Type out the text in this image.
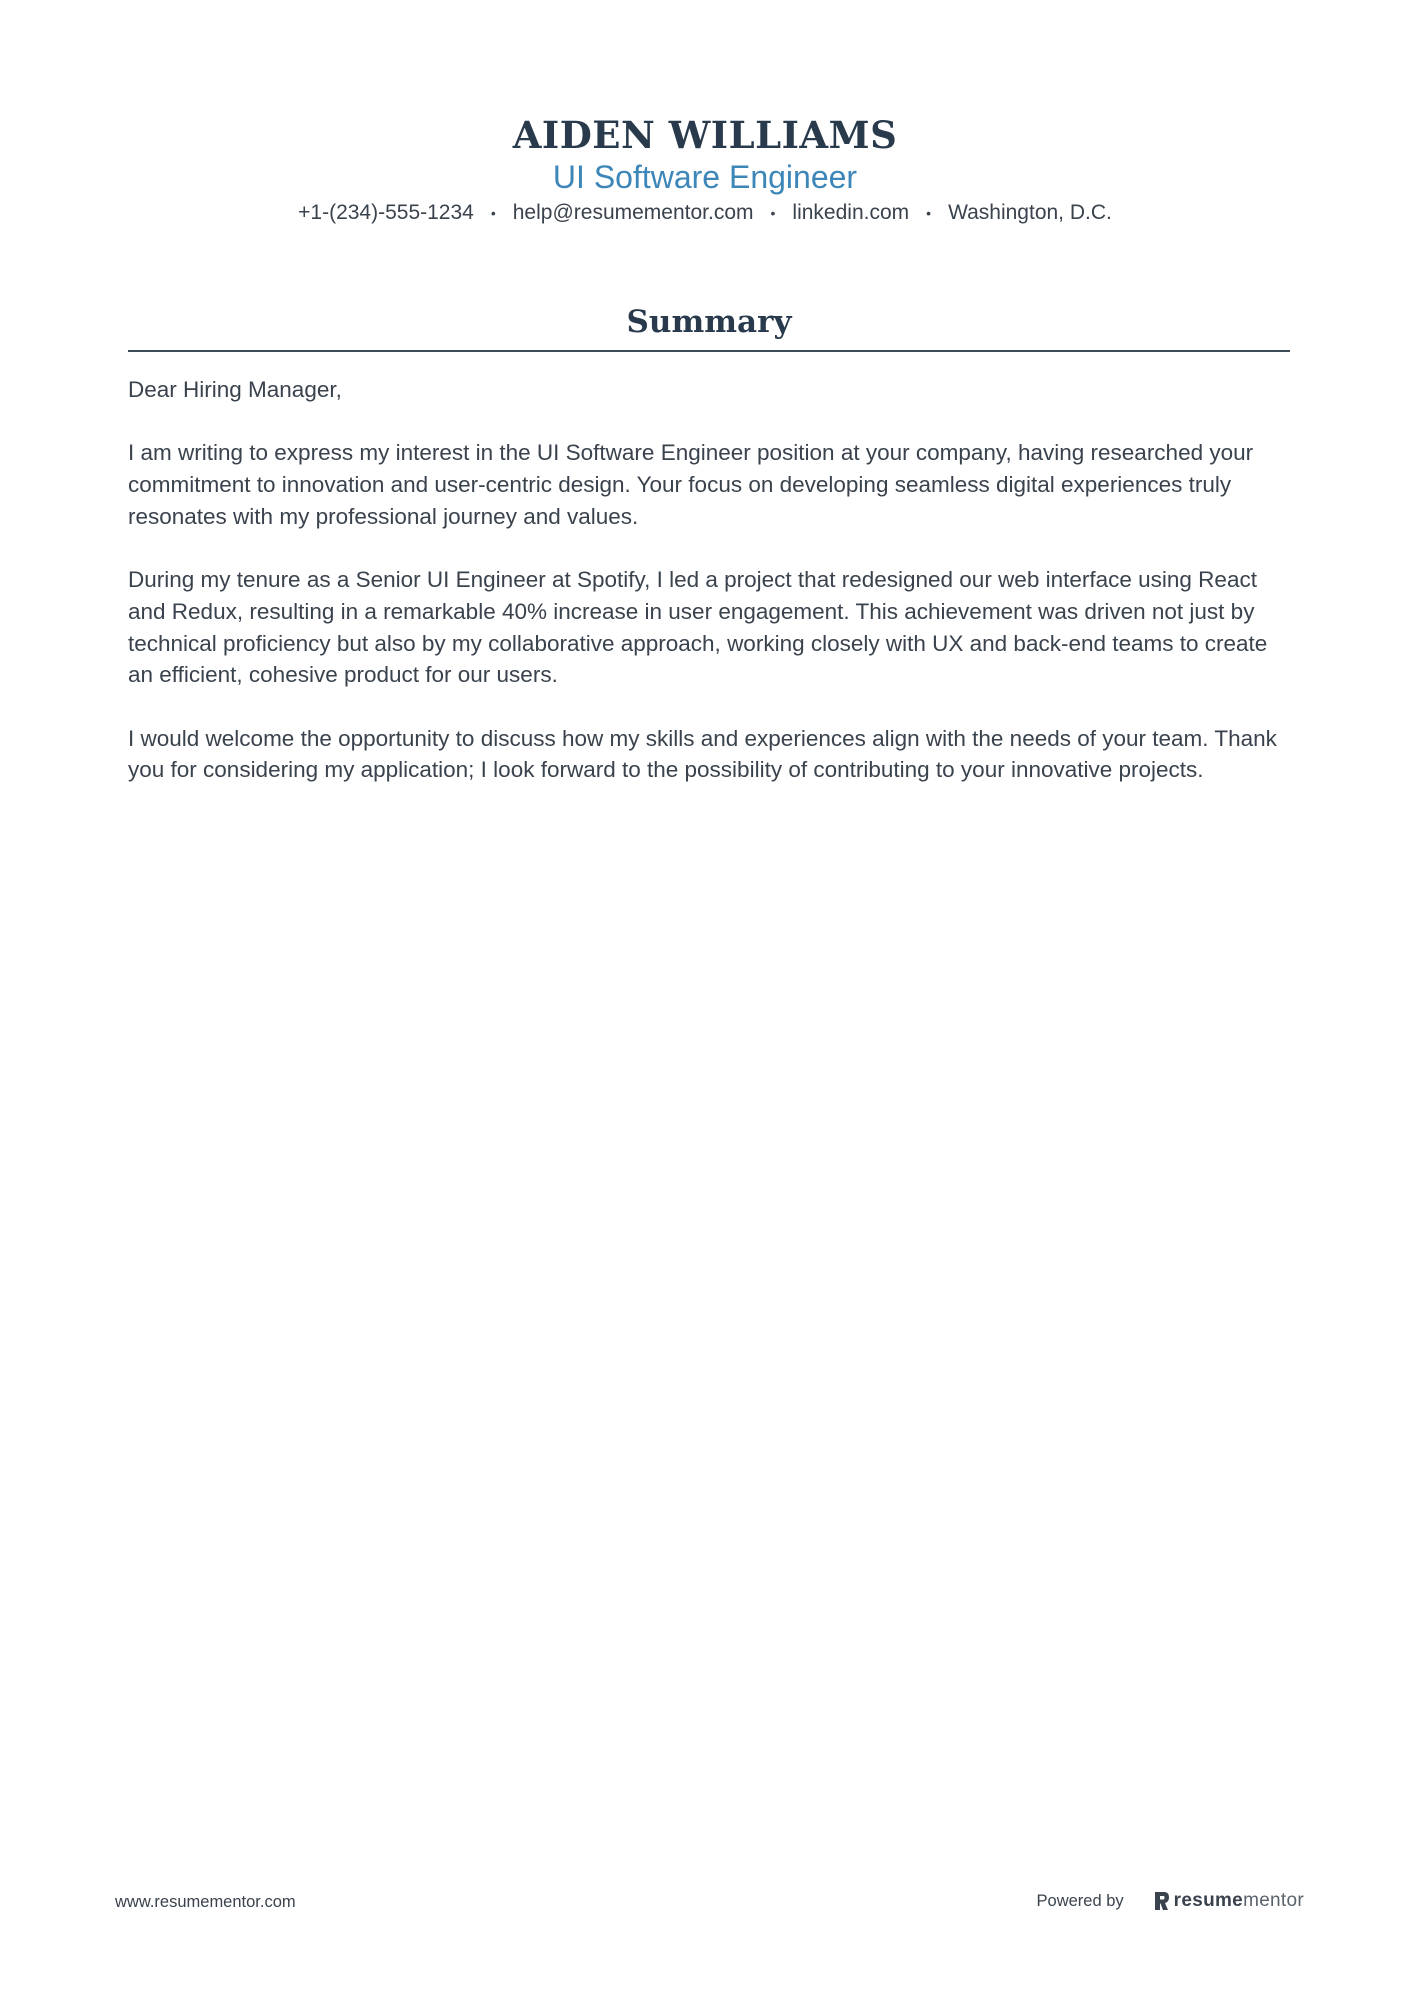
AIDEN WILLIAMS
UI Software Engineer
+1-(234)-555-1234 • help@resumementor.com • linkedin.com • Washington, D.C.
Summary

Dear Hiring Manager,

I am writing to express my interest in the UI Software Engineer position at your company, having researched your commitment to innovation and user-centric design. Your focus on developing seamless digital experiences truly resonates with my professional journey and values.

During my tenure as a Senior UI Engineer at Spotify, I led a project that redesigned our web interface using React and Redux, resulting in a remarkable 40% increase in user engagement. This achievement was driven not just by technical proficiency but also by my collaborative approach, working closely with UX and back-end teams to create an efficient, cohesive product for our users.

I would welcome the opportunity to discuss how my skills and experiences align with the needs of your team. Thank you for considering my application; I look forward to the possibility of contributing to your innovative projects.

www.resumementor.com	Powered by	resume mentor
